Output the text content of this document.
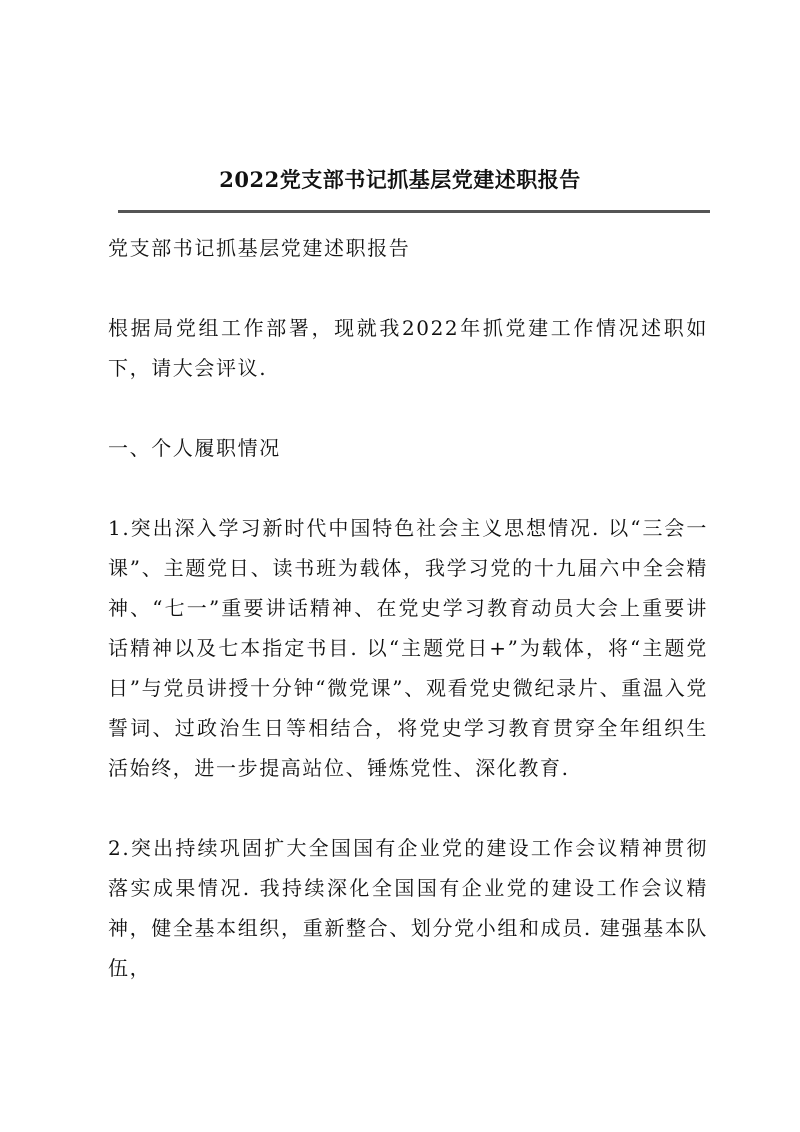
2022党支部书记抓基层党建述职报告

党支部书记抓基层党建述职报告

根据局党组工作部署，现就我2022年抓党建工作情况述职如下，请大会评议.

一、个人履职情况

1.突出深入学习新时代中国特色社会主义思想情况. 以“三会一课”、主题党日、读书班为载体，我学习党的十九届六中全会精神、“七一”重要讲话精神、在党史学习教育动员大会上重要讲话精神以及七本指定书目. 以“主题党日+”为载体，将“主题党日”与党员讲授十分钟“微党课”、观看党史微纪录片、重温入党誓词、过政治生日等相结合，将党史学习教育贯穿全年组织生活始终，进一步提高站位、锤炼党性、深化教育.

2.突出持续巩固扩大全国国有企业党的建设工作会议精神贯彻落实成果情况. 我持续深化全国国有企业党的建设工作会议精神，健全基本组织，重新整合、划分党小组和成员. 建强基本队伍，
